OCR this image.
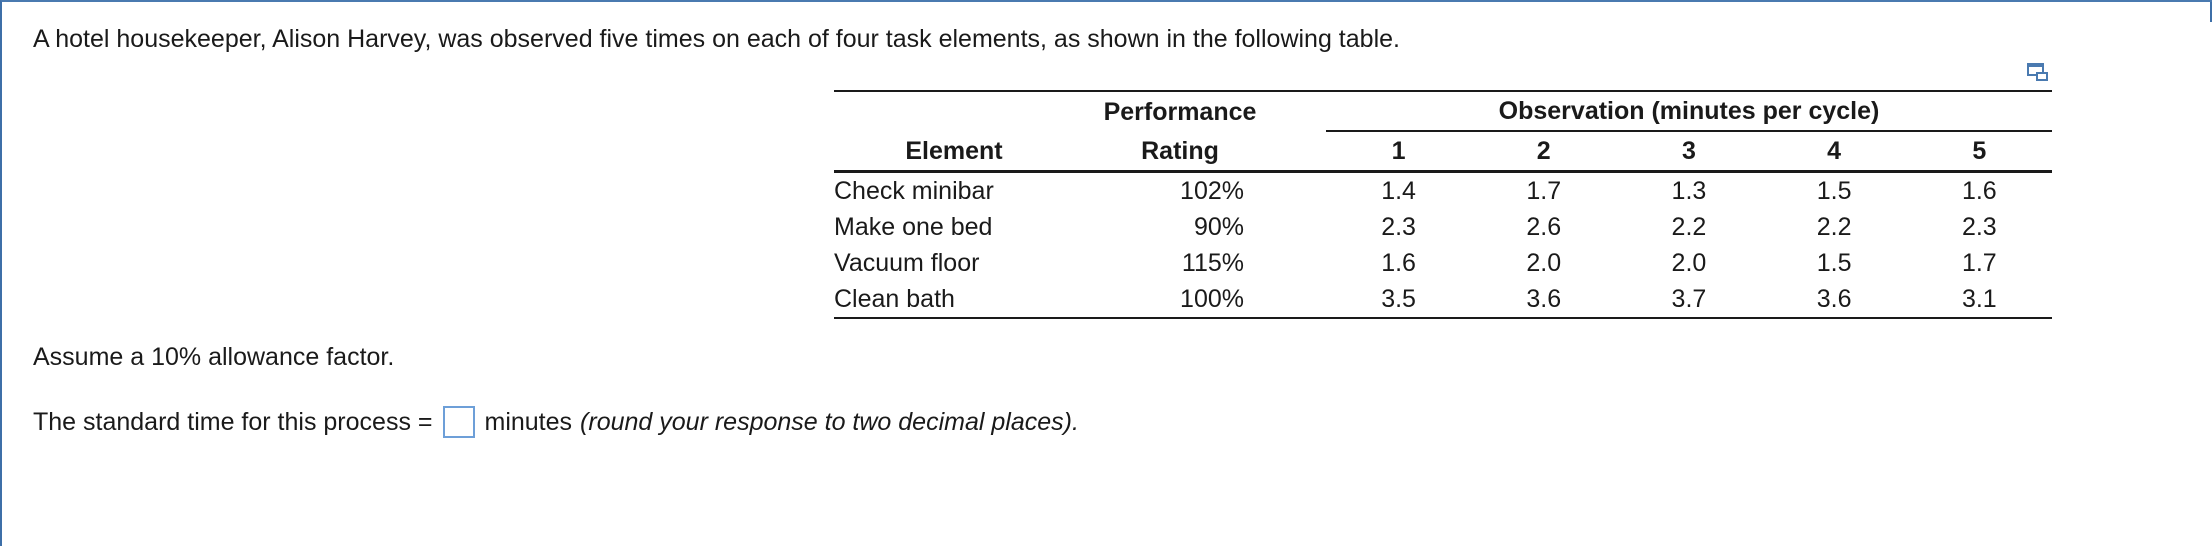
A hotel housekeeper, Alison Harvey, was observed five times on each of four task elements, as shown in the following table.
	Performance		Observation (minutes per cycle)				
Element	Rating		1	2	3	4	5
Check minibar	102%		1.4	1.7	1.3	1.5	1.6
Make one bed	90%		2.3	2.6	2.2	2.2	2.3
Vacuum floor	115%		1.6	2.0	2.0	1.5	1.7
Clean bath	100%		3.5	3.6	3.7	3.6	3.1
Assume a 10% allowance factor.
The standard time for this process = minutes (round your response to two decimal places).
